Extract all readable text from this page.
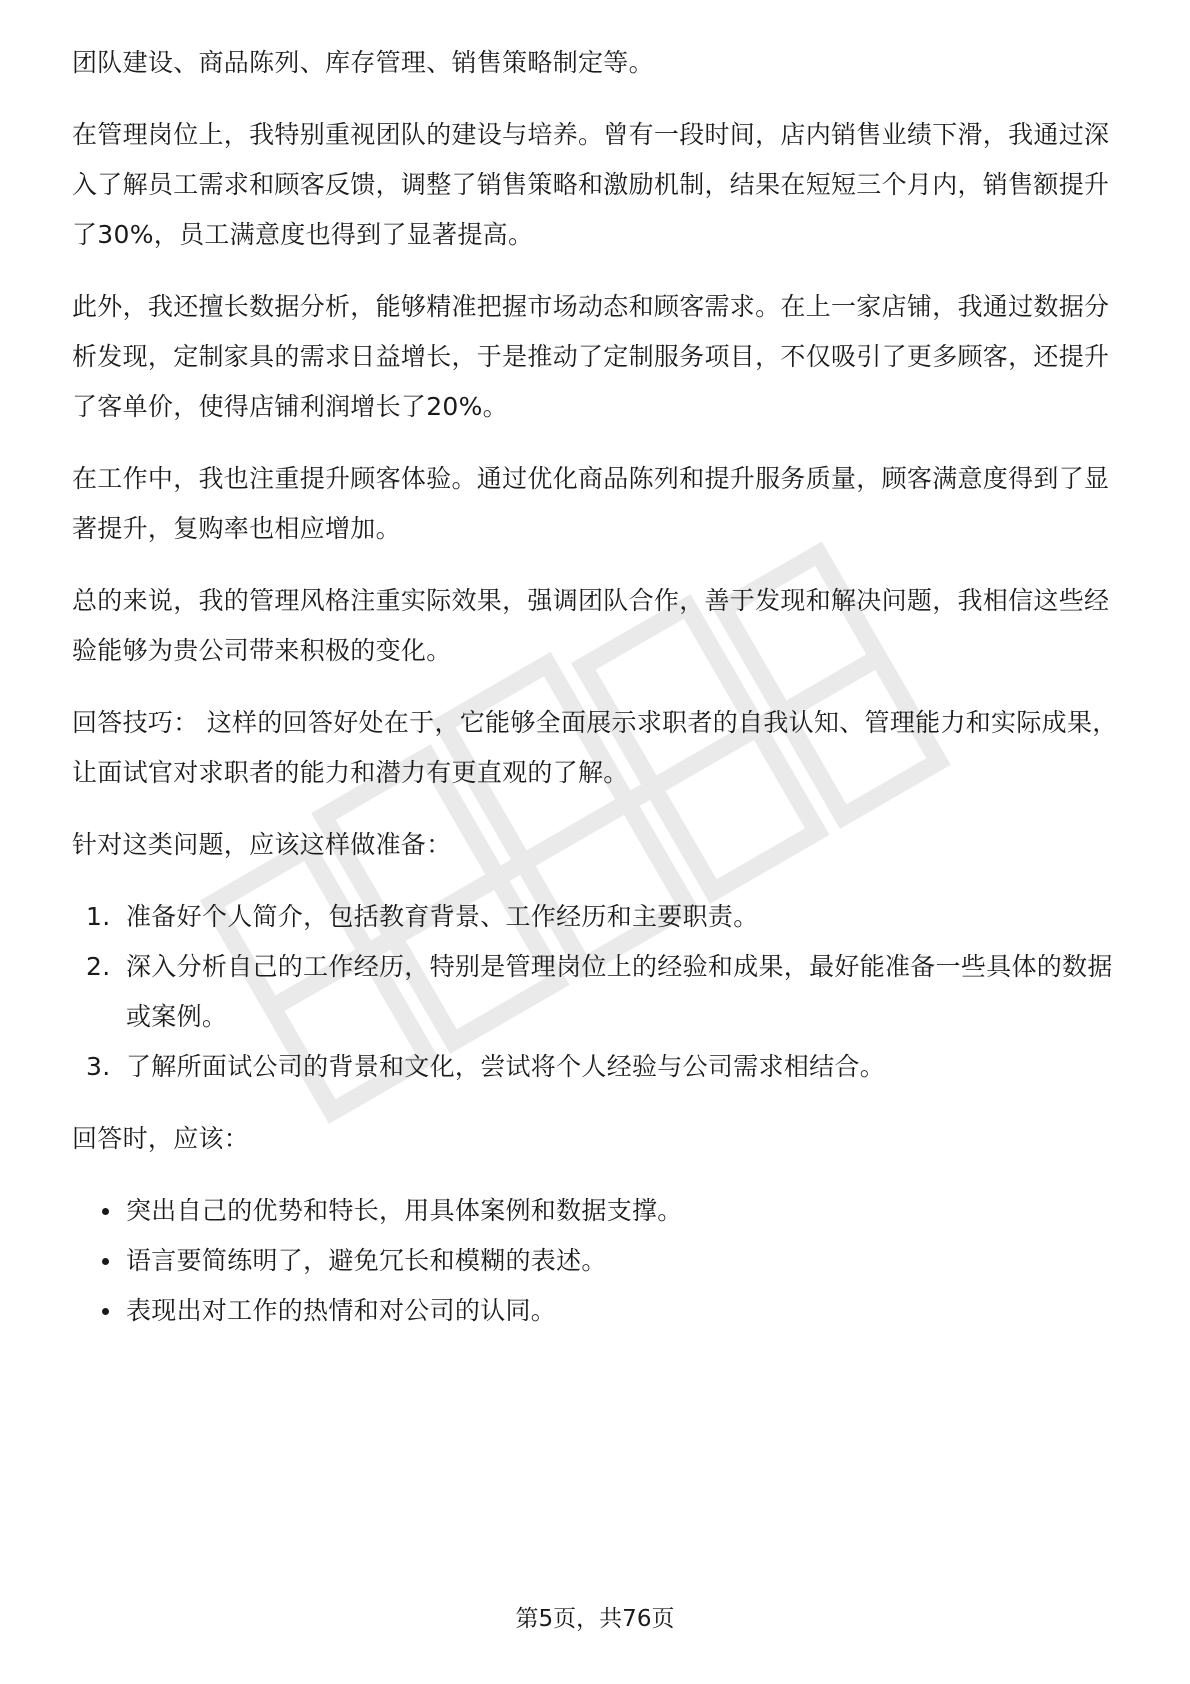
团队建设、商品陈列、库存管理、销售策略制定等。

在管理岗位上，我特别重视团队的建设与培养。曾有一段时间，店内销售业绩下滑，我通过深入了解员工需求和顾客反馈，调整了销售策略和激励机制，结果在短短三个月内，销售额提升了30%，员工满意度也得到了显著提高。

此外，我还擅长数据分析，能够精准把握市场动态和顾客需求。在上一家店铺，我通过数据分析发现，定制家具的需求日益增长，于是推动了定制服务项目，不仅吸引了更多顾客，还提升了客单价，使得店铺利润增长了20%。

在工作中，我也注重提升顾客体验。通过优化商品陈列和提升服务质量，顾客满意度得到了显著提升，复购率也相应增加。

总的来说，我的管理风格注重实际效果，强调团队合作，善于发现和解决问题，我相信这些经验能够为贵公司带来积极的变化。

回答技巧： 这样的回答好处在于，它能够全面展示求职者的自我认知、管理能力和实际成果，让面试官对求职者的能力和潜力有更直观的了解。

针对这类问题，应该这样做准备：

1. 准备好个人简介，包括教育背景、工作经历和主要职责。
2. 深入分析自己的工作经历，特别是管理岗位上的经验和成果，最好能准备一些具体的数据或案例。
3. 了解所面试公司的背景和文化，尝试将个人经验与公司需求相结合。

回答时，应该：

突出自己的优势和特长，用具体案例和数据支撑。
语言要简练明了，避免冗长和模糊的表述。
表现出对工作的热情和对公司的认同。
第5页，共76页
